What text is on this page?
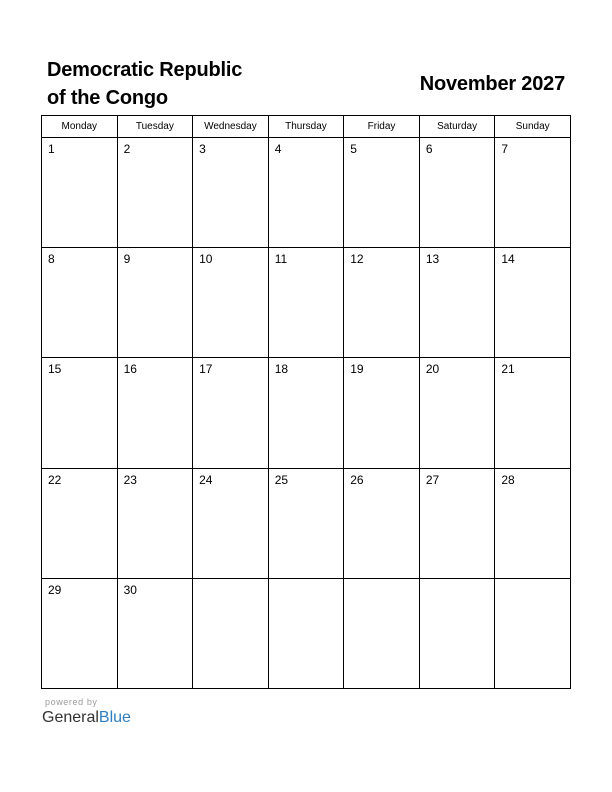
Democratic Republic
of the Congo
November 2027
Monday	Tuesday	Wednesday	Thursday	Friday	Saturday	Sunday

1	2	3	4	5	6	7

8	9	10	11	12	13	14

15	16	17	18	19	20	21

22	23	24	25	26	27	28

29	30					

powered by
GeneralBlue
